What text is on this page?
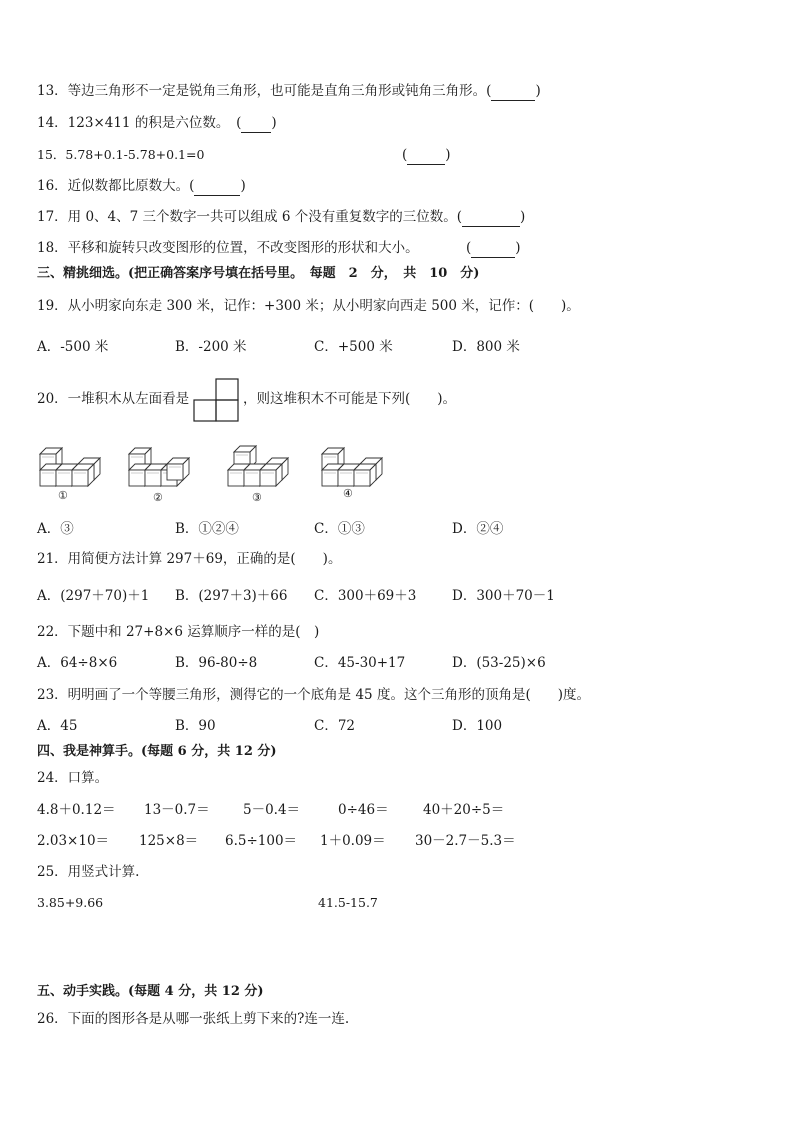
13．等边三角形不一定是锐角三角形，也可能是直角三角形或钝角三角形。(	)
14．123×411 的积是六位数。　( )
15．5.78+0.1-5.78+0.1=0	(	)
16．近似数都比原数大。(	)
17．用 0、4、7 三个数字一共可以组成 6 个没有重复数字的三位数。(	)
18．平移和旋转只改变图形的位置，不改变图形的形状和大小。	(	)
三、精挑细选。(把正确答案序号填在括号里。　每题　2　分，　共　10　分)
19．从小明家向东走 300 米，记作：+300 米；从小明家向西走 500 米，记作：(　　)。
A．-500 米	B．-200 米	C．+500 米	D．800 米
20．一堆积木从左面看是	，则这堆积木不可能是下列(　　)。
①	②	③	④
A．③	B．①②④	C．①③	D．②④
21．用简便方法计算 297＋69，正确的是(　　)。
A．(297＋70)＋1 B．(297＋3)＋66 C．300＋69＋3	D．300＋70－1
22．下题中和 27+8×6 运算顺序一样的是(　)
A．64÷8×6	B．96-80÷8	C．45-30+17	D．(53-25)×6
23．明明画了一个等腰三角形，测得它的一个底角是 45 度。这个三角形的顶角是(　　)度。
A．45	B．90	C．72	D．100
四、我是神算手。(每题 6 分，共 12 分)
24．口算。
4.8＋0.12＝ 13－0.7＝ 5－0.4＝	0÷46＝	40＋20÷5＝
2.03×10＝ 125×8＝ 6.5÷100＝ 1＋0.09＝ 30－2.7－5.3＝
25．用竖式计算.
3.85+9.66	41.5-15.7
五、动手实践。(每题 4 分，共 12 分)
26．下面的图形各是从哪一张纸上剪下来的?连一连.
